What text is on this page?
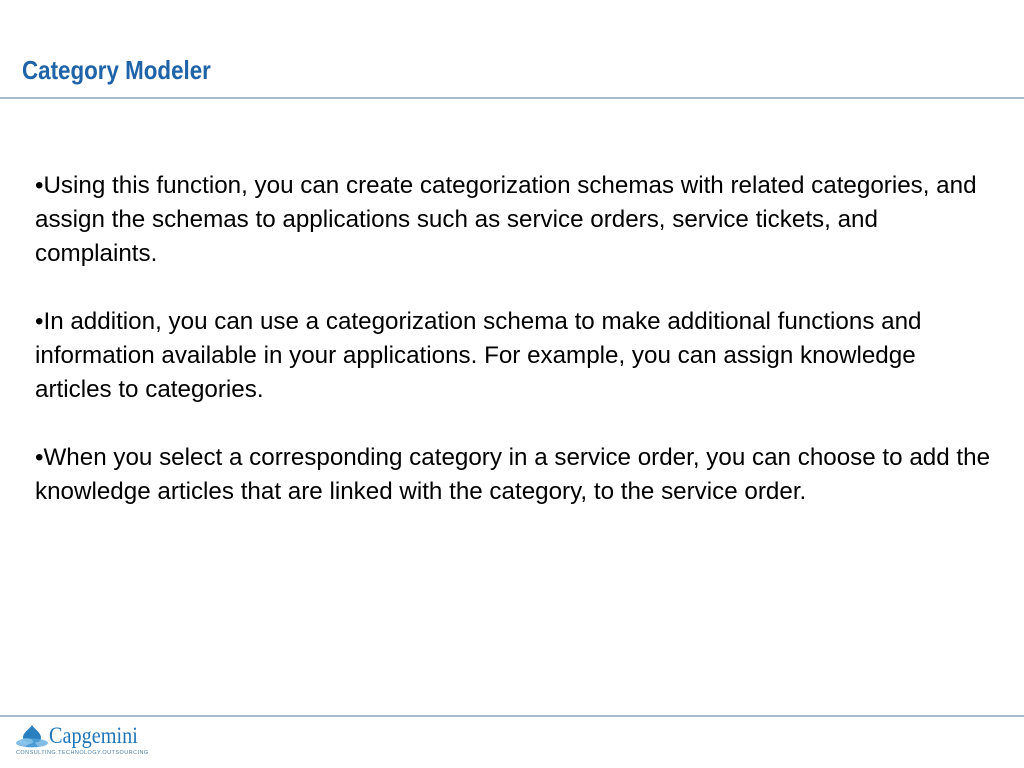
Category Modeler

•Using this function, you can create categorization schemas with related categories, and assign the schemas to applications such as service orders, service tickets, and complaints.

•In addition, you can use a categorization schema to make additional functions and information available in your applications. For example, you can assign knowledge articles to categories.

•When you select a corresponding category in a service order, you can choose to add the knowledge articles that are linked with the category, to the service order.

Capgemini
CONSULTING.TECHNOLOGY.OUTSOURCING
